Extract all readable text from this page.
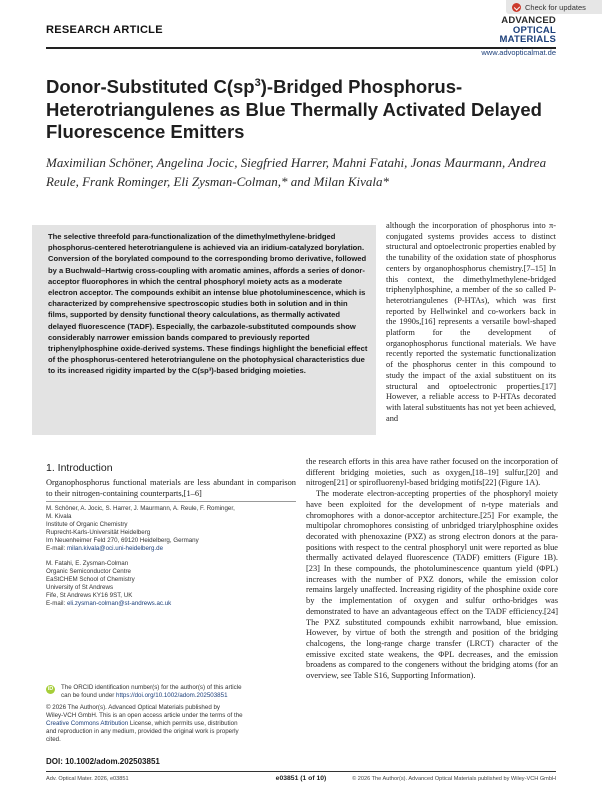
Check for updates
RESEARCH ARTICLE
ADVANCED
OPTICAL
MATERIALS
www.advopticalmat.de
Donor-Substituted $C(sp^3)$-Bridged Phosphorus-Heterotriangulenes as Blue Thermally Activated Delayed Fluorescence Emitters

Maximilian Schöner, Angelina Jocic, Siegfried Harrer, Mahni Fatahi, Jonas Maurmann, Andrea Reule, Frank Rominger, Eli Zysman-Colman,* and Milan Kivala*

The selective threefold para-functionalization of the dimethylmethylene-bridged phosphorus-centered heterotriangulene is achieved via an iridium-catalyzed borylation. Conversion of the borylated compound to the corresponding bromo derivative, followed by a Buchwald–Hartwig cross-coupling with aromatic amines, affords a series of donor-acceptor fluorophores in which the central phosphoryl moiety acts as a moderate electron acceptor. The compounds exhibit an intense blue photoluminescence, which is characterized by comprehensive spectroscopic studies both in solution and in thin films, supported by density functional theory calculations, as thermally activated delayed fluorescence (TADF). Especially, the carbazole-substituted compounds show considerably narrower emission bands compared to previously reported triphenylphosphine oxide-derived systems. These findings highlight the beneficial effect of the phosphorus-centered heterotriangulene on the photophysical characteristics due to its increased rigidity imparted by the C(sp³)-based bridging moieties.

although the incorporation of phosphorus into π-conjugated systems provides access to distinct structural and optoelectronic properties enabled by the tunability of the oxidation state of phosphorus centers by organophosphorus chemistry.[7–15] In this context, the dimethylmethylene-bridged triphenylphosphine, a member of the so called P-heterotriangulenes (P-HTAs), which was first reported by Hellwinkel and co-workers back in the 1990s,[16] represents a versatile bowl-shaped platform for the development of organophosphorus functional materials. We have recently reported the systematic functionalization of the phosphorus center in this compound to study the impact of the axial substituent on its structural and optoelectronic properties.[17] However, a reliable access to P-HTAs decorated with lateral substituents has not yet been achieved, and

1. Introduction

Organophosphorus functional materials are less abundant in comparison to their nitrogen-containing counterparts,[1–6]

M. Schöner, A. Jocic, S. Harrer, J. Maurmann, A. Reule, F. Rominger,
M. Kivala
Institute of Organic Chemistry
Ruprecht-Karls-Universität Heidelberg
Im Neuenheimer Feld 270, 69120 Heidelberg, Germany
E-mail: milan.kivala@oci.uni-heidelberg.de
M. Fatahi, E. Zysman-Colman
Organic Semiconductor Centre
EaStCHEM School of Chemistry
University of St Andrews
Fife, St Andrews KY16 9ST, UK
E-mail: eli.zysman-colman@st-andrews.ac.uk
iD The ORCID identification number(s) for the author(s) of this article
can be found under https://doi.org/10.1002/adom.202503851
© 2026 The Author(s). Advanced Optical Materials published by
Wiley-VCH GmbH. This is an open access article under the terms of the
Creative Commons Attribution License, which permits use, distribution
and reproduction in any medium, provided the original work is properly
cited.
DOI: 10.1002/adom.202503851

the research efforts in this area have rather focused on the incorporation of different bridging moieties, such as oxygen,[18–19] sulfur,[20] and nitrogen[21] or spirofluorenyl-based bridging motifs[22] (Figure 1A).

The moderate electron-accepting properties of the phosphoryl moiety have been exploited for the development of n-type materials and chromophores with a donor-acceptor architecture.[25] For example, the multipolar chromophores consisting of unbridged triarylphosphine oxides decorated with phenoxazine (PXZ) as strong electron donors at the para-positions with respect to the central phosphoryl unit were reported as blue thermally activated delayed fluorescence (TADF) emitters (Figure 1B).[23] In these compounds, the photoluminescence quantum yield (ΦPL) increases with the number of PXZ donors, while the emission color remains largely unaffected. Increasing rigidity of the phosphine oxide core by the implementation of oxygen and sulfur ortho-bridges was demonstrated to have an advantageous effect on the TADF efficiency.[24] The PXZ substituted compounds exhibit narrowband, blue emission. However, by virtue of both the strength and position of the bridging chalcogens, the long-range charge transfer (LRCT) character of the emissive excited state weakens, the ΦPL decreases, and the emission broadens as compared to the congeners without the bridging atoms (for an overview, see Table S16, Supporting Information).

Adv. Optical Mater. 2026, e03851	e03851 (1 of 10)	© 2026 The Author(s). Advanced Optical Materials published by Wiley-VCH GmbH
